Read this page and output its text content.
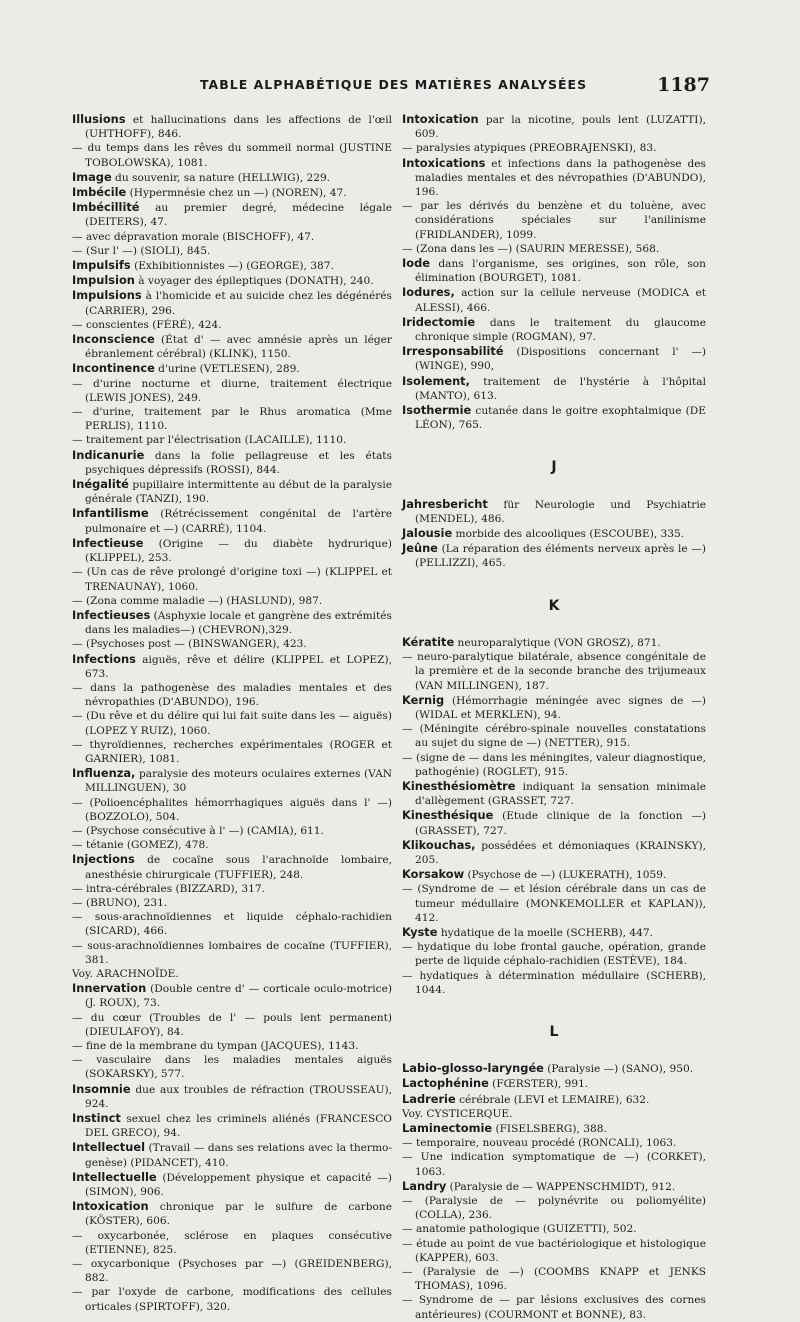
TABLE ALPHABÉTIQUE DES MATIÈRES ANALYSÉES	1187

Illusions et hallucinations dans les affections de l'œil (UHTHOFF), 846.

— du temps dans les rêves du sommeil normal (JUSTINE TOBOLOWSKA), 1081.

Image du souvenir, sa nature (HELLWIG), 229.

Imbécile (Hypermnésie chez un —) (NOREN), 47.

Imbécillité au premier degré, médecine légale (DEITERS), 47.

— avec dépravation morale (BISCHOFF), 47.

— (Sur l' —) (SIOLI), 845.

Impulsifs (Exhibitionnistes —) (GEORGE), 387.

Impulsion à voyager des épileptiques (DONATH), 240.

Impulsions à l'homicide et au suicide chez les dégénérés (CARRIER), 296.

— conscientes (FÉRÉ), 424.

Inconscience (État d' — avec amnésie après un léger ébranlement cérébral) (KLINK), 1150.

Incontinence d'urine (VETLESEN), 289.

— d'urine nocturne et diurne, traitement électrique (LEWIS JONES), 249.

— d'urine, traitement par le Rhus aromatica (Mme PERLIS), 1110.

— traitement par l'électrisation (LACAILLE), 1110.

Indicanurie dans la folie pellagreuse et les états psychiques dépressifs (ROSSI), 844.

Inégalité pupillaire intermittente au début de la paralysie générale (TANZI), 190.

Infantilisme (Rétrécissement congénital de l'artère pulmonaire et —) (CARRÉ), 1104.

Infectieuse (Origine — du diabète hydrurique) (KLIPPEL), 253.

— (Un cas de rêve prolongé d'origine toxi —) (KLIPPEL et TRENAUNAY), 1060.

— (Zona comme maladie —) (HASLUND), 987.

Infectieuses (Asphyxie locale et gangrène des extrémités dans les maladies—) (CHEVRON),329.

— (Psychoses post — (BINSWANGER), 423.

Infections aiguës, rêve et délire (KLIPPEL et LOPEZ), 673.

— dans la pathogenèse des maladies mentales et des névropathies (D'ABUNDO), 196.

— (Du rêve et du délire qui lui fait suite dans les — aiguës) (LOPEZ Y RUIZ), 1060.

— thyroïdiennes, recherches expérimentales (ROGER et GARNIER), 1081.

Influenza, paralysie des moteurs oculaires externes (VAN MILLINGUEN), 30

— (Polioencéphalites hémorrhagiques aiguës dans l' —) (BOZZOLO), 504.

— (Psychose consécutive à l' —) (CAMIA), 611.

— tétanie (GOMEZ), 478.

Injections de cocaïne sous l'arachnoïde lombaire, anesthésie chirurgicale (TUFFIER), 248.

— intra-cérébrales (BIZZARD), 317.

— (BRUNO), 231.

— sous-arachnoïdiennes et liquide céphalo-rachidien (SICARD), 466.

— sous-arachnoïdiennes lombaires de cocaïne (TUFFIER), 381.

Voy. ARACHNOÏDE.

Innervation (Double centre d' — corticale oculo-motrice) (J. ROUX), 73.

— du cœur (Troubles de l' — pouls lent permanent) (DIEULAFOY), 84.

— fine de la membrane du tympan (JACQUES), 1143.

— vasculaire dans les maladies mentales aiguës (SOKARSKY), 577.

Insomnie due aux troubles de réfraction (TROUSSEAU), 924.

Instinct sexuel chez les criminels aliénés (FRANCESCO DEL GRECO), 94.

Intellectuel (Travail — dans ses relations avec la thermo-genèse) (PIDANCET), 410.

Intellectuelle (Développement physique et capacité —) (SIMON), 906.

Intoxication chronique par le sulfure de carbone (KÖSTER), 606.

— oxycarbonée, sclérose en plaques consécutive (ETIENNE), 825.

— oxycarbonique (Psychoses par —) (GREIDENBERG), 882.

— par l'oxyde de carbone, modifications des cellules orticales (SPIRTOFF), 320.

Intoxication par la nicotine, pouls lent (LUZATTI), 609.

— paralysies atypiques (PREOBRAJENSKI), 83.

Intoxications et infections dans la pathogenèse des maladies mentales et des névropathies (D'ABUNDO), 196.

— par les dérivés du benzène et du toluène, avec considérations spéciales sur l'anilinisme (FRIDLANDER), 1099.

— (Zona dans les —) (SAURIN MERESSE), 568.

Iode dans l'organisme, ses origines, son rôle, son élimination (BOURGET), 1081.

Iodures, action sur la cellule nerveuse (MODICA et ALESSI), 466.

Iridectomie dans le traitement du glaucome chronique simple (ROGMAN), 97.

Irresponsabilité (Dispositions concernant l' —) (WINGE), 990,

Isolement, traitement de l'hystérie à l'hôpital (MANTO), 613.

Isothermie cutanée dans le goitre exophtalmique (DE LÉON), 765.

J

Jahresbericht für Neurologie und Psychiatrie (MENDEL), 486.

Jalousie morbide des alcooliques (ESCOUBE), 335.

Jeûne (La réparation des éléments nerveux après le —) (PELLIZZI), 465.

K

Kératite neuroparalytique (VON GROSZ), 871.

— neuro-paralytique bilatérale, absence congénitale de la première et de la seconde branche des trijumeaux (VAN MILLINGEN), 187.

Kernig (Hémorrhagie méningée avec signes de —) (WIDAL et MERKLEN), 94.

— (Méningite cérébro-spinale nouvelles constatations au sujet du signe de —) (NETTER), 915.

— (signe de — dans les méningites, valeur diagnostique, pathogénie) (ROGLET), 915.

Kinesthésiomètre indiquant la sensation minimale d'allègement (GRASSET, 727.

Kinesthésique (Etude clinique de la fonction —) (GRASSET), 727.

Klikouchas, possédées et démoniaques (KRAINSKY), 205.

Korsakow (Psychose de —) (LUKERATH), 1059.

— (Syndrome de — et lésion cérébrale dans un cas de tumeur médullaire (MONKEMOLLER et KAPLAN)), 412.

Kyste hydatique de la moelle (SCHERB), 447.

— hydatique du lobe frontal gauche, opération, grande perte de liquide céphalo-rachidien (ESTÈVE), 184.

— hydatiques à détermination médullaire (SCHERB), 1044.

L

Labio-glosso-laryngée (Paralysie —) (SANO), 950.

Lactophénine (FŒRSTER), 991.

Ladrerie cérébrale (LEVI et LEMAIRE), 632.

Voy. CYSTICERQUE.

Laminectomie (FISELSBERG), 388.

— temporaire, nouveau procédé (RONCALI), 1063.

— Une indication symptomatique de —) (CORKET), 1063.

Landry (Paralysie de — WAPPENSCHMIDT), 912.

— (Paralysie de — polynévrite ou poliomyélite) (COLLA), 236.

— anatomie pathologique (GUIZETTI), 502.

— étude au point de vue bactériologique et histologique (KAPPER), 603.

— (Paralysie de —) (COOMBS KNAPP et JENKS THOMAS), 1096.

— Syndrome de — par lésions exclusives des cornes antérieures) (COURMONT et BONNE), 83.
